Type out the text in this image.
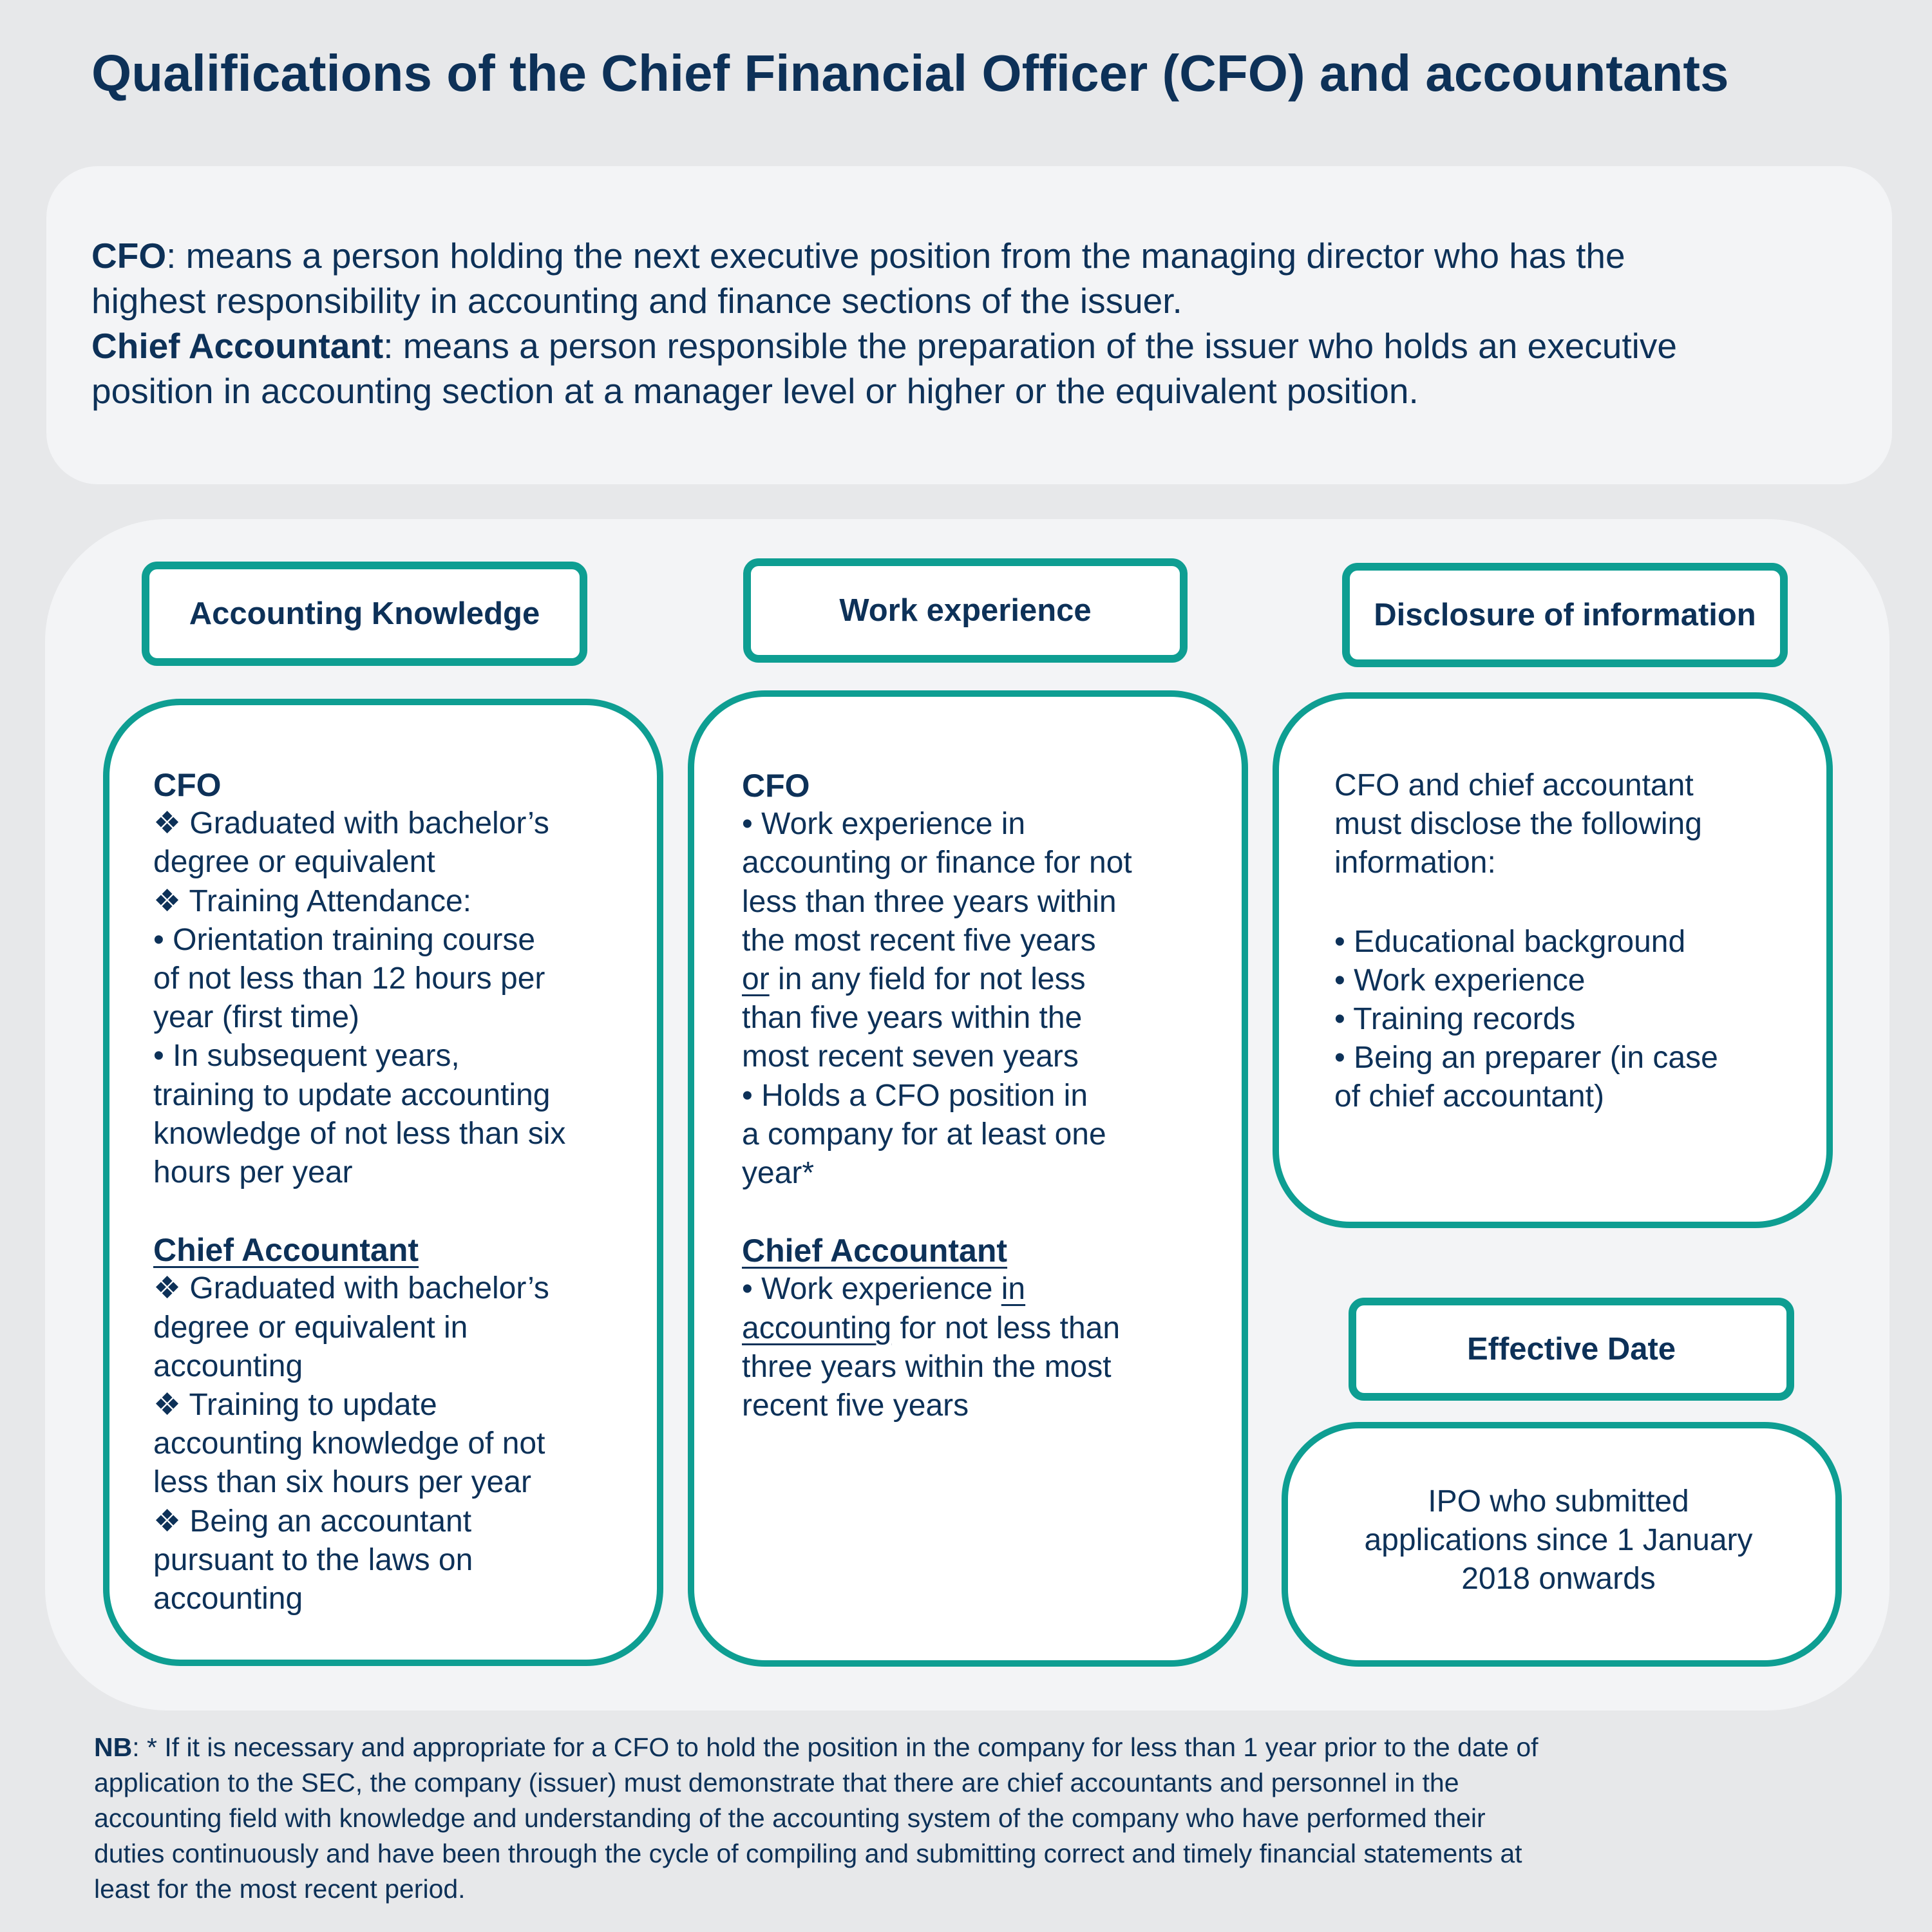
Qualifications of the Chief Financial Officer (CFO) and accountants
CFO: means a person holding the next executive position from the managing director who has the
highest responsibility in accounting and finance sections of the issuer.
Chief Accountant: means a person responsible the preparation of the issuer who holds an executive
position in accounting section at a manager level or higher or the equivalent position.
Accounting Knowledge	Work experience	Disclosure of information
Effective Date
CFO
❖ Graduated with bachelor’s
degree or equivalent
❖ Training Attendance:
• Orientation training course
of not less than 12 hours per
year (first time)
• In subsequent years,
training to update accounting
knowledge of not less than six
hours per year
Chief Accountant
❖ Graduated with bachelor’s
degree or equivalent in
accounting
❖ Training to update
accounting knowledge of not
less than six hours per year
❖ Being an accountant
pursuant to the laws on
accounting
CFO
• Work experience in
accounting or finance for not
less than three years within
the most recent five years
or in any field for not less
than five years within the
most recent seven years
• Holds a CFO position in
a company for at least one
year*
Chief Accountant
• Work experience in
accounting for not less than
three years within the most
recent five years
CFO and chief accountant
must disclose the following
information:
• Educational background
• Work experience
• Training records
• Being an preparer (in case
of chief accountant)
IPO who submitted
applications since 1 January
2018 onwards
NB: * If it is necessary and appropriate for a CFO to hold the position in the company for less than 1 year prior to the date of
application to the SEC, the company (issuer) must demonstrate that there are chief accountants and personnel in the
accounting field with knowledge and understanding of the accounting system of the company who have performed their
duties continuously and have been through the cycle of compiling and submitting correct and timely financial statements at
least for the most recent period.
